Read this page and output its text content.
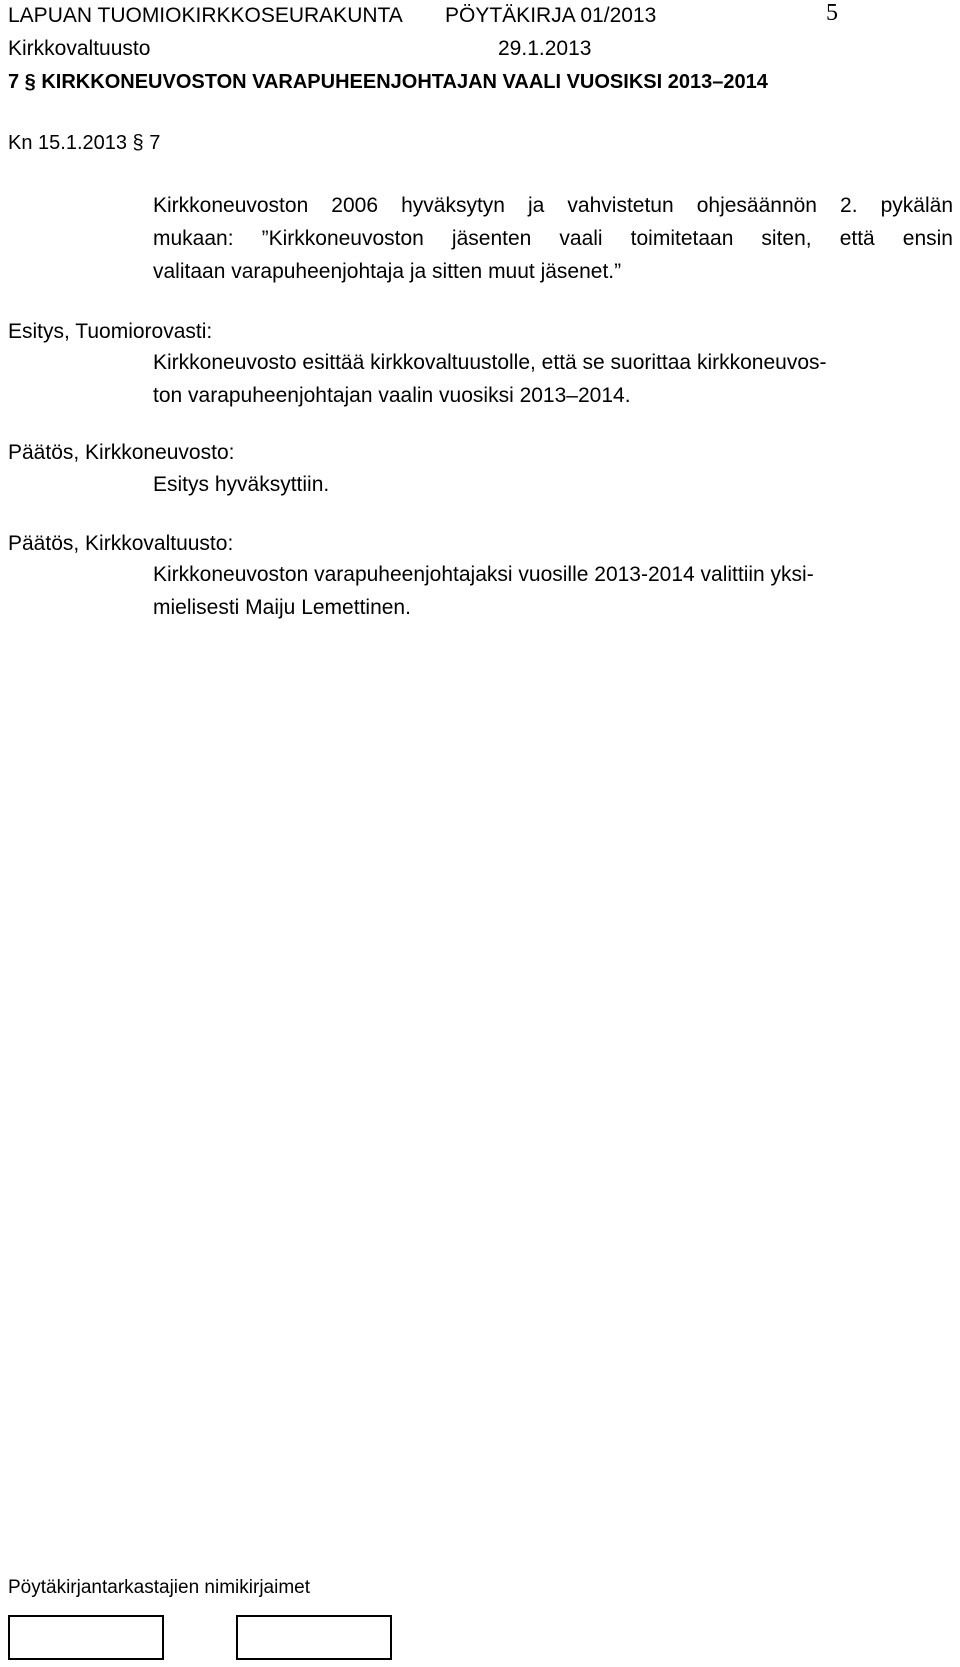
LAPUAN TUOMIOKIRKKOSEURAKUNTA PÖYTÄKIRJA 01/2013	5
Kirkkovaltuusto	29.1.2013
7 § KIRKKONEUVOSTON VARAPUHEENJOHTAJAN VAALI VUOSIKSI 2013–2014
Kn 15.1.2013 § 7
Kirkkoneuvoston 2006 hyväksytyn ja vahvistetun ohjesäännön 2. pykälän
mukaan: ”Kirkkoneuvoston jäsenten vaali toimitetaan siten, että ensin
valitaan varapuheenjohtaja ja sitten muut jäsenet.”
Esitys, Tuomiorovasti:
Kirkkoneuvosto esittää kirkkovaltuustolle, että se suorittaa kirkkoneuvos-
ton varapuheenjohtajan vaalin vuosiksi 2013–2014.
Päätös, Kirkkoneuvosto:
Esitys hyväksyttiin.
Päätös, Kirkkovaltuusto:
Kirkkoneuvoston varapuheenjohtajaksi vuosille 2013-2014 valittiin yksi-
mielisesti Maiju Lemettinen.
Pöytäkirjantarkastajien nimikirjaimet
